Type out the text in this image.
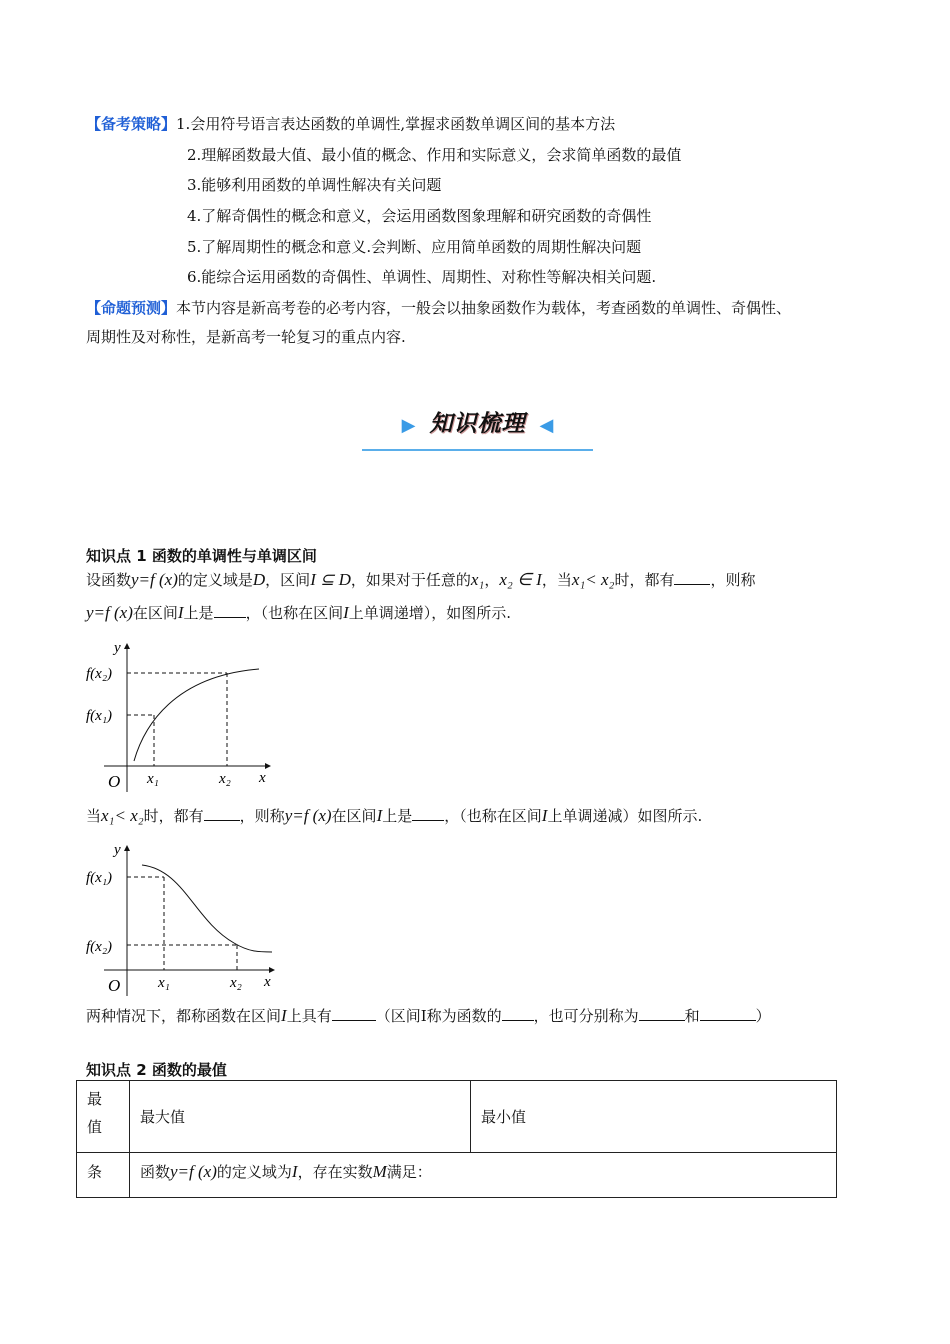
【备考策略】1.会用符号语言表达函数的单调性,掌握求函数单调区间的基本方法
2.理解函数最大值、最小值的概念、作用和实际意义，会求简单函数的最值
3.能够利用函数的单调性解决有关问题
4.了解奇偶性的概念和意义，会运用函数图象理解和研究函数的奇偶性
5.了解周期性的概念和意义.会判断、应用简单函数的周期性解决问题
6.能综合运用函数的奇偶性、单调性、周期性、对称性等解决相关问题.
【命题预测】本节内容是新高考卷的必考内容，一般会以抽象函数作为载体，考查函数的单调性、奇偶性、
周期性及对称性，是新高考一轮复习的重点内容.
▶ 知识梳理 ◀
知识点 1 函数的单调性与单调区间
设函数y=f (x)的定义域是D，区间I ⊆ D，如果对于任意的x₁，x₂ ∈ I，当x₁< x₂时，都有 ，则称
y=f (x)在区间I上是 ，（也称在区间I上单调递增），如图所示.
y
f(x₂)
f(x₁)
O x₁	x₂ x
当x₁< x₂时，都有 ，则称y=f (x)在区间I上是 ，（也称在区间I上单调递减）如图所示.
y
f(x₁)
f(x₂)
O	x₁	x₂ x
两种情况下，都称函数在区间I上具有	（区间I称为函数的 ，也可分别称为	和	）
知识点 2 函数的最值
最
值	最大值	最小值
条	函数y=f (x)的定义域为I，存在实数M满足：	
